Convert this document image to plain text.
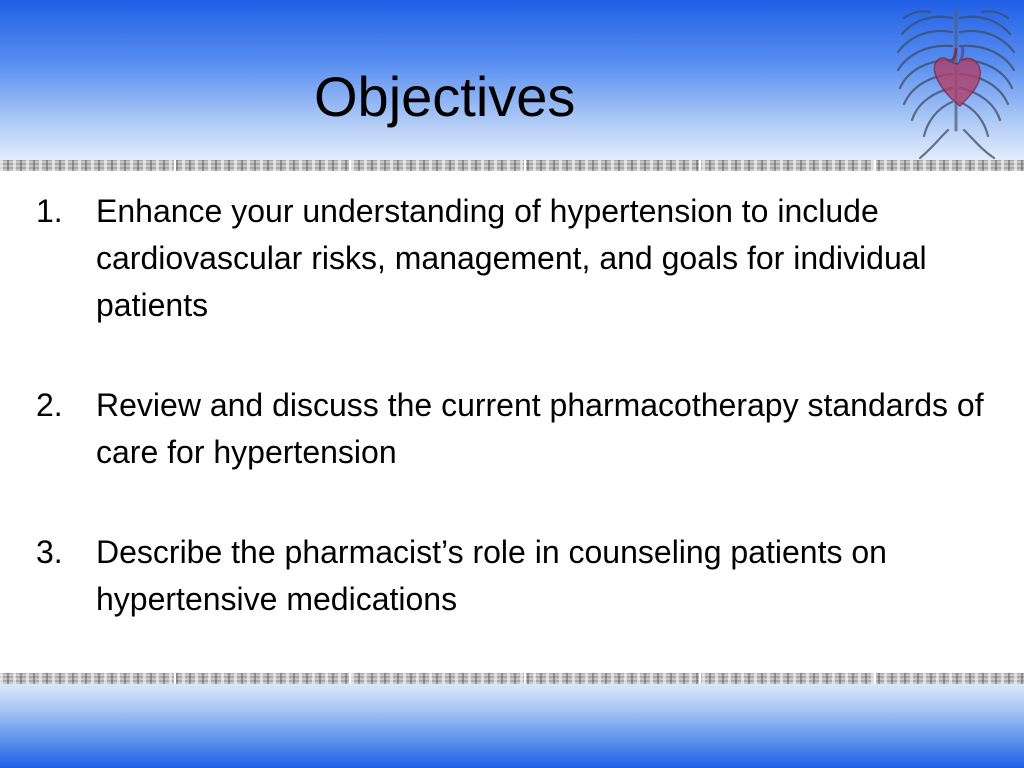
Objectives
1. Enhance your understanding of hypertension to include cardiovascular risks, management, and goals for individual patients
2. Review and discuss the current pharmacotherapy standards of care for hypertension
3. Describe the pharmacist’s role in counseling patients on hypertensive medications
